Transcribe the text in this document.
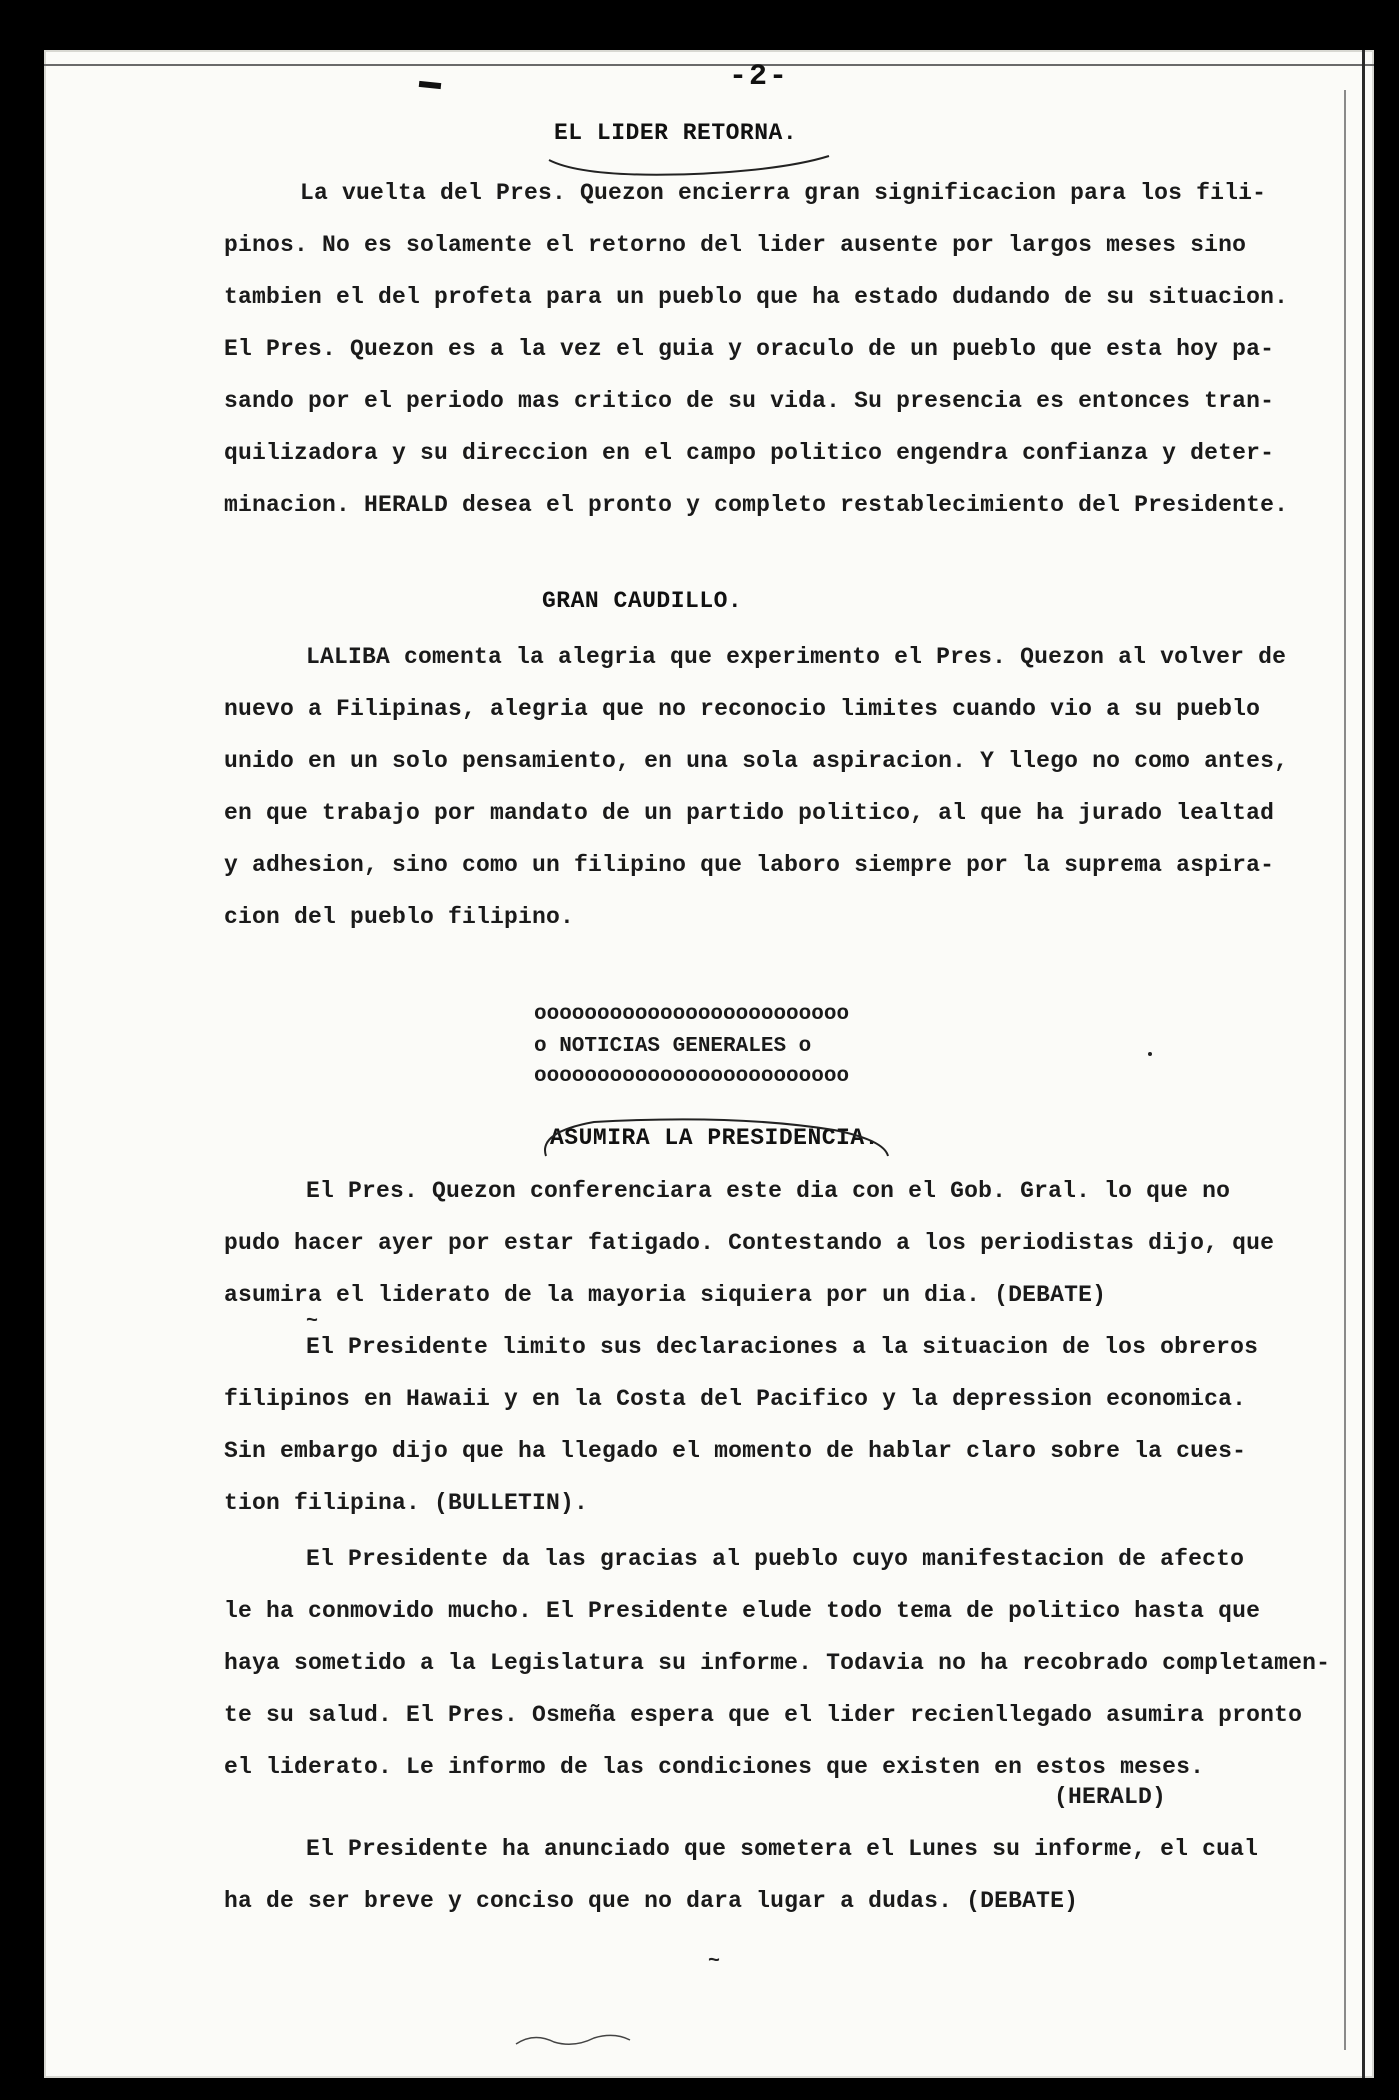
-2-
EL LIDER RETORNA.
La vuelta del Pres. Quezon encierra gran significacion para los fili-
pinos. No es solamente el retorno del lider ausente por largos meses sino
tambien el del profeta para un pueblo que ha estado dudando de su situacion.
El Pres. Quezon es a la vez el guia y oraculo de un pueblo que esta hoy pa-
sando por el periodo mas critico de su vida. Su presencia es entonces tran-
quilizadora y su direccion en el campo politico engendra confianza y deter-
minacion. HERALD desea el pronto y completo restablecimiento del Presidente.
GRAN CAUDILLO.
LALIBA comenta la alegria que experimento el Pres. Quezon al volver de
nuevo a Filipinas, alegria que no reconocio limites cuando vio a su pueblo
unido en un solo pensamiento, en una sola aspiracion. Y llego no como antes,
en que trabajo por mandato de un partido politico, al que ha jurado lealtad
y adhesion, sino como un filipino que laboro siempre por la suprema aspira-
cion del pueblo filipino.
ooooooooooooooooooooooooo
o NOTICIAS GENERALES o
ooooooooooooooooooooooooo
ASUMIRA LA PRESIDENCIA.
El Pres. Quezon conferenciara este dia con el Gob. Gral. lo que no
pudo hacer ayer por estar fatigado. Contestando a los periodistas dijo, que
asumira el liderato de la mayoria siquiera por un dia. (DEBATE)
~
El Presidente limito sus declaraciones a la situacion de los obreros
filipinos en Hawaii y en la Costa del Pacifico y la depression economica.
Sin embargo dijo que ha llegado el momento de hablar claro sobre la cues-
tion filipina. (BULLETIN).
El Presidente da las gracias al pueblo cuyo manifestacion de afecto
le ha conmovido mucho. El Presidente elude todo tema de politico hasta que
haya sometido a la Legislatura su informe. Todavia no ha recobrado completamen-
te su salud. El Pres. Osmeña espera que el lider recienllegado asumira pronto
el liderato. Le informo de las condiciones que existen en estos meses.
(HERALD)
El Presidente ha anunciado que sometera el Lunes su informe, el cual
ha de ser breve y conciso que no dara lugar a dudas. (DEBATE)
~
